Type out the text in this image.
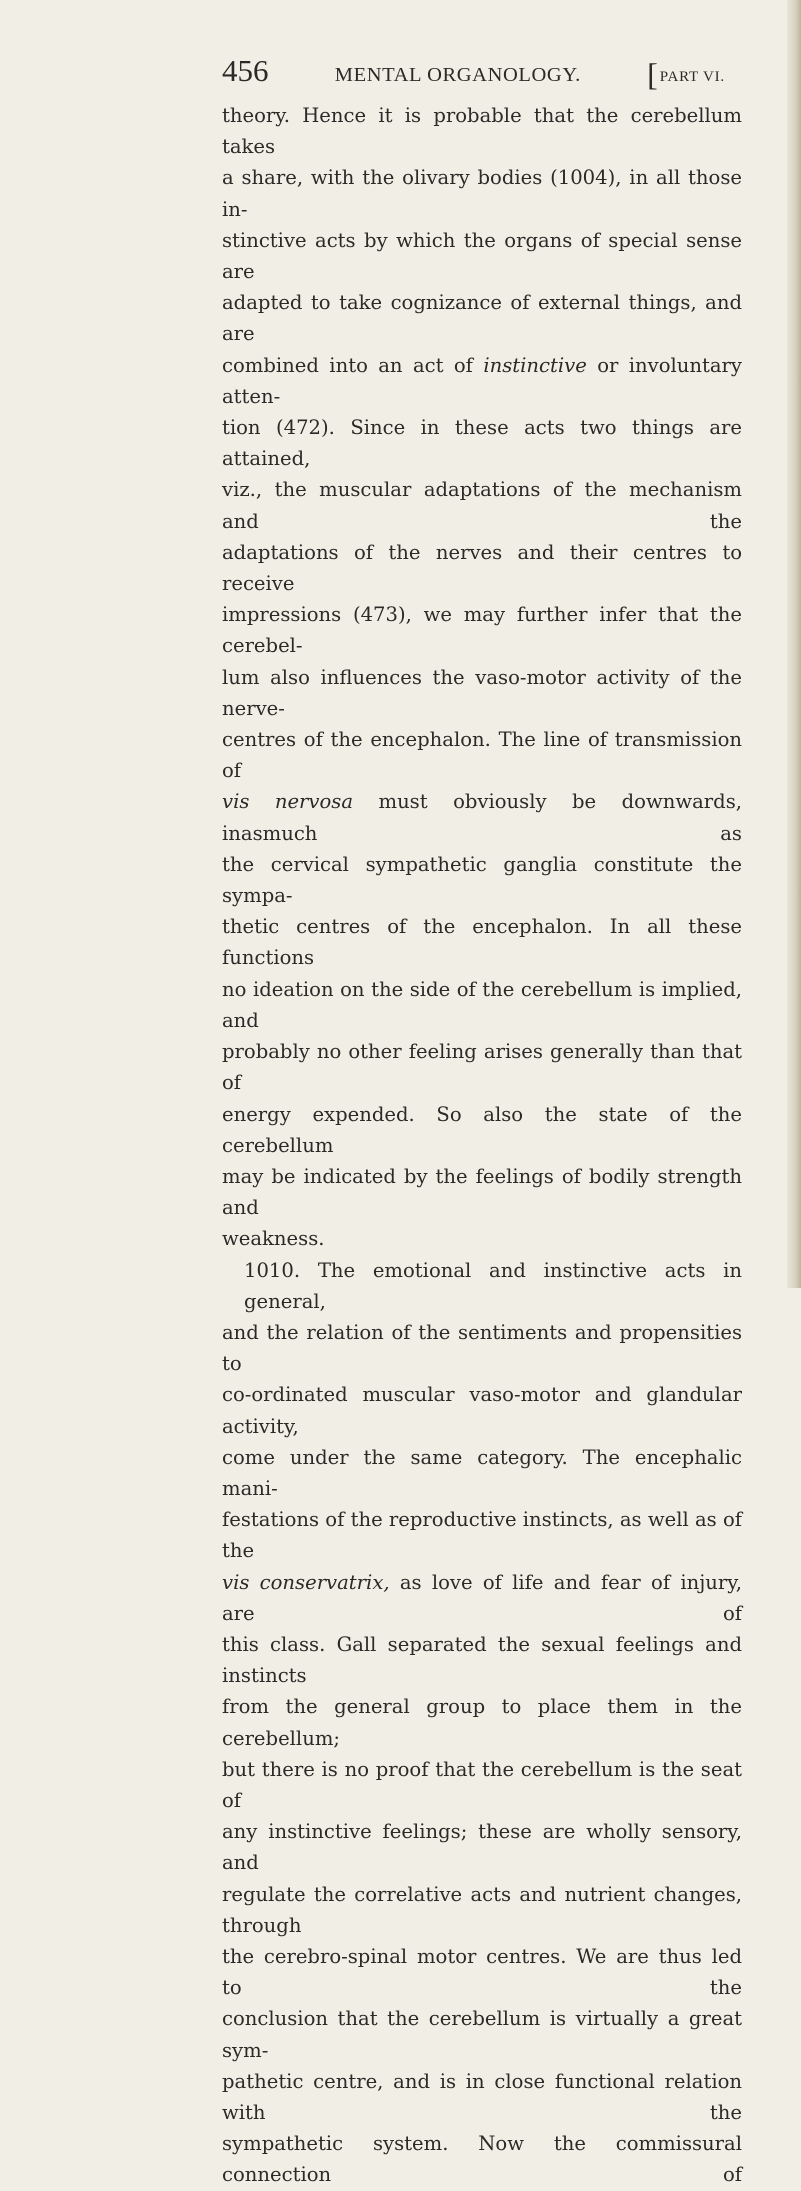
456	MENTAL ORGANOLOGY. [ PART VI.
theory. Hence it is probable that the cerebellum takes
a share, with the olivary bodies (1004), in all those in-
stinctive acts by which the organs of special sense are
adapted to take cognizance of external things, and are
combined into an act of instinctive or involuntary atten-
tion (472). Since in these acts two things are attained,
viz., the muscular adaptations of the mechanism and the
adaptations of the nerves and their centres to receive
impressions (473), we may further infer that the cerebel-
lum also influences the vaso-motor activity of the nerve-
centres of the encephalon. The line of transmission of
vis nervosa must obviously be downwards, inasmuch as
the cervical sympathetic ganglia constitute the sympa-
thetic centres of the encephalon. In all these functions
no ideation on the side of the cerebellum is implied, and
probably no other feeling arises generally than that of
energy expended. So also the state of the cerebellum
may be indicated by the feelings of bodily strength and
weakness.
1010. The emotional and instinctive acts in general,
and the relation of the sentiments and propensities to
co-ordinated muscular vaso-motor and glandular activity,
come under the same category. The encephalic mani-
festations of the reproductive instincts, as well as of the
vis conservatrix, as love of life and fear of injury, are of
this class. Gall separated the sexual feelings and instincts
from the general group to place them in the cerebellum;
but there is no proof that the cerebellum is the seat of
any instinctive feelings; these are wholly sensory, and
regulate the correlative acts and nutrient changes, through
the cerebro-spinal motor centres. We are thus led to the
conclusion that the cerebellum is virtually a great sym-
pathetic centre, and is in close functional relation with the
sympathetic system. Now the commissural connection of
